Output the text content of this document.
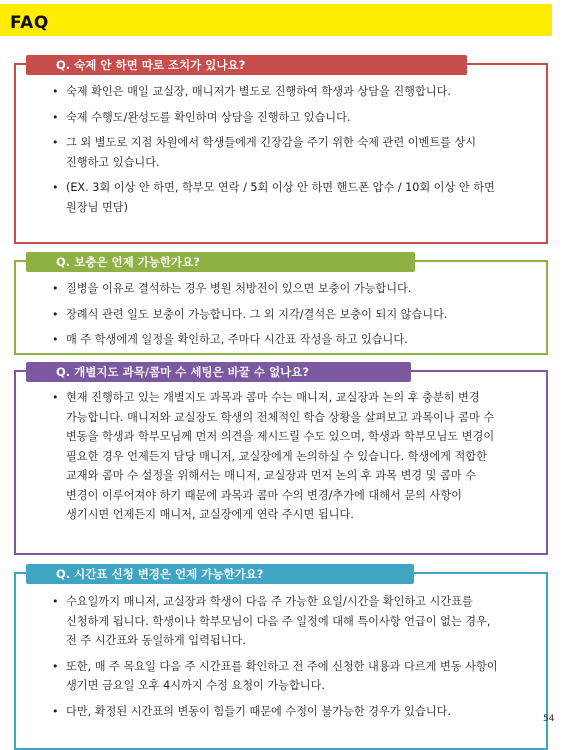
FAQ
Q. 숙제 안 하면 따로 조치가 있나요?
• 숙제 확인은 매일 교실장, 매니저가 별도로 진행하여 학생과 상담을 진행합니다.
• 숙제 수행도/완성도를 확인하며 상담을 진행하고 있습니다.
• 그 외 별도로 지점 차원에서 학생들에게 긴장감을 주기 위한 숙제 관련 이벤트를 상시 진행하고 있습니다.
• (EX. 3회 이상 안 하면, 학부모 연락 / 5회 이상 안 하면 핸드폰 압수 / 10회 이상 안 하면 원장님 면담)
Q. 보충은 언제 가능한가요?
• 질병을 이유로 결석하는 경우 병원 처방전이 있으면 보충이 가능합니다.
• 장례식 관련 일도 보충이 가능합니다. 그 외 지각/결석은 보충이 되지 않습니다.
• 매 주 학생에게 일정을 확인하고, 주마다 시간표 작성을 하고 있습니다.
Q. 개별지도 과목/콤마 수 세팅은 바꿀 수 없나요?
• 현재 진행하고 있는 개별지도 과목과 콤마 수는 매니저, 교실장과 논의 후 충분히 변경 가능합니다. 매니저와 교실장도 학생의 전체적인 학습 상황을 살펴보고 과목이나 콤마 수 변동을 학생과 학부모님께 먼저 의견을 제시드릴 수도 있으며, 학생과 학부모님도 변경이 필요한 경우 언제든지 담당 매니저, 교실장에게 논의하실 수 있습니다. 학생에게 적합한 교재와 콤마 수 설정을 위해서는 매니저, 교실장과 먼저 논의 후 과목 변경 및 콤마 수 변경이 이루어져야 하기 때문에 과목과 콤마 수의 변경/추가에 대해서 문의 사항이 생기시면 언제든지 매니저, 교실장에게 연락 주시면 됩니다.
Q. 시간표 신청 변경은 언제 가능한가요?
• 수요일까지 매니저, 교실장과 학생이 다음 주 가능한 요일/시간을 확인하고 시간표를 신청하게 됩니다. 학생이나 학부모님이 다음 주 일정에 대해 특이사항 언급이 없는 경우, 전 주 시간표와 동일하게 입력됩니다.
• 또한, 매 주 목요일 다음 주 시간표를 확인하고 전 주에 신청한 내용과 다르게 변동 사항이 생기면 금요일 오후 4시까지 수정 요청이 가능합니다.
• 다만, 확정된 시간표의 변동이 힘들기 때문에 수정이 불가능한 경우가 있습니다.
54
